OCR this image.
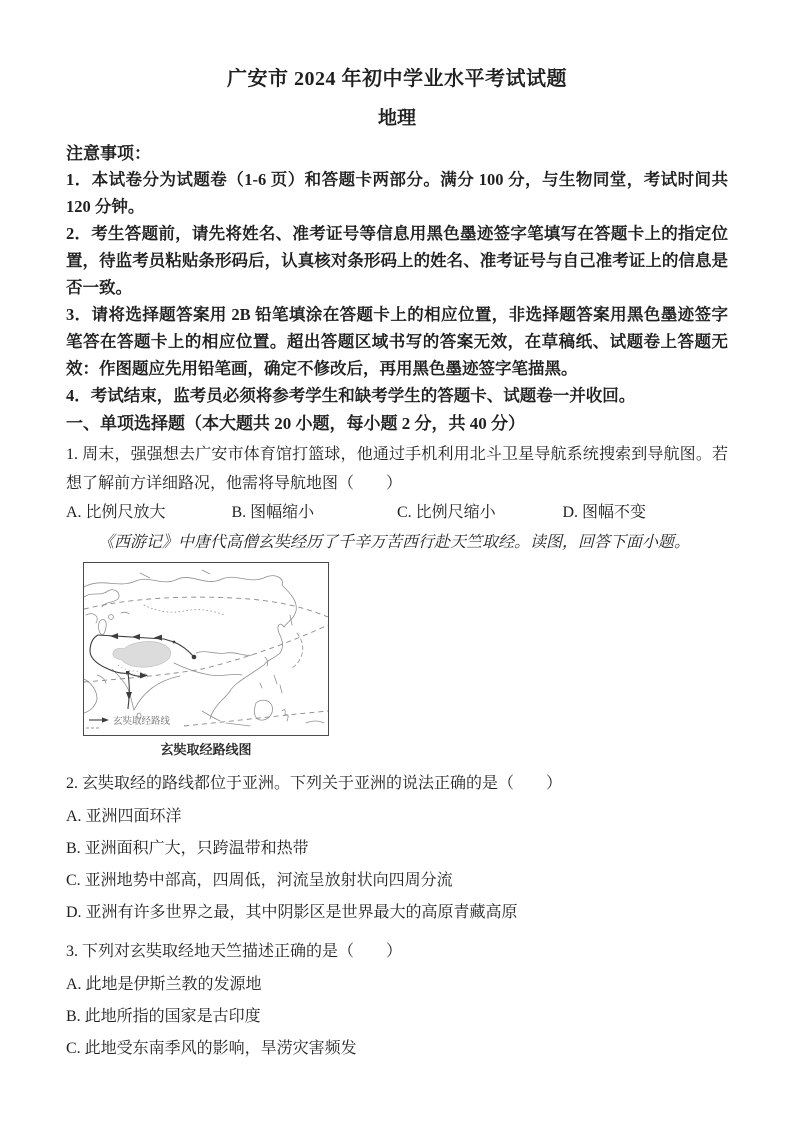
广安市 2024 年初中学业水平考试试题
地理
注意事项：

1．本试卷分为试题卷（1-6 页）和答题卡两部分。满分 100 分，与生物同堂，考试时间共 120 分钟。

2．考生答题前，请先将姓名、准考证号等信息用黑色墨迹签字笔填写在答题卡上的指定位置，待监考员粘贴条形码后，认真核对条形码上的姓名、准考证号与自己准考证上的信息是否一致。

3．请将选择题答案用 2B 铅笔填涂在答题卡上的相应位置，非选择题答案用黑色墨迹签字笔答在答题卡上的相应位置。超出答题区域书写的答案无效，在草稿纸、试题卷上答题无效：作图题应先用铅笔画，确定不修改后，再用黑色墨迹签字笔描黑。

4．考试结束，监考员必须将参考学生和缺考学生的答题卡、试题卷一并收回。

一、单项选择题（本大题共 20 小题，每小题 2 分，共 40 分）

1. 周末，强强想去广安市体育馆打篮球，他通过手机利用北斗卫星导航系统搜索到导航图。若想了解前方详细路况，他需将导航地图（　　）

A. 比例尺放大	B. 图幅缩小	C. 比例尺缩小	D. 图幅不变

《西游记》中唐代高僧玄奘经历了千辛万苦西行赴天竺取经。读图，回答下面小题。

玄奘取经路线
玄奘取经路线图

2. 玄奘取经的路线都位于亚洲。下列关于亚洲的说法正确的是（　　）

A. 亚洲四面环洋

B. 亚洲面积广大，只跨温带和热带

C. 亚洲地势中部高，四周低，河流呈放射状向四周分流

D. 亚洲有许多世界之最，其中阴影区是世界最大的高原青藏高原

3. 下列对玄奘取经地天竺描述正确的是（　　）

A. 此地是伊斯兰教的发源地

B. 此地所指的国家是古印度

C. 此地受东南季风的影响，旱涝灾害频发
